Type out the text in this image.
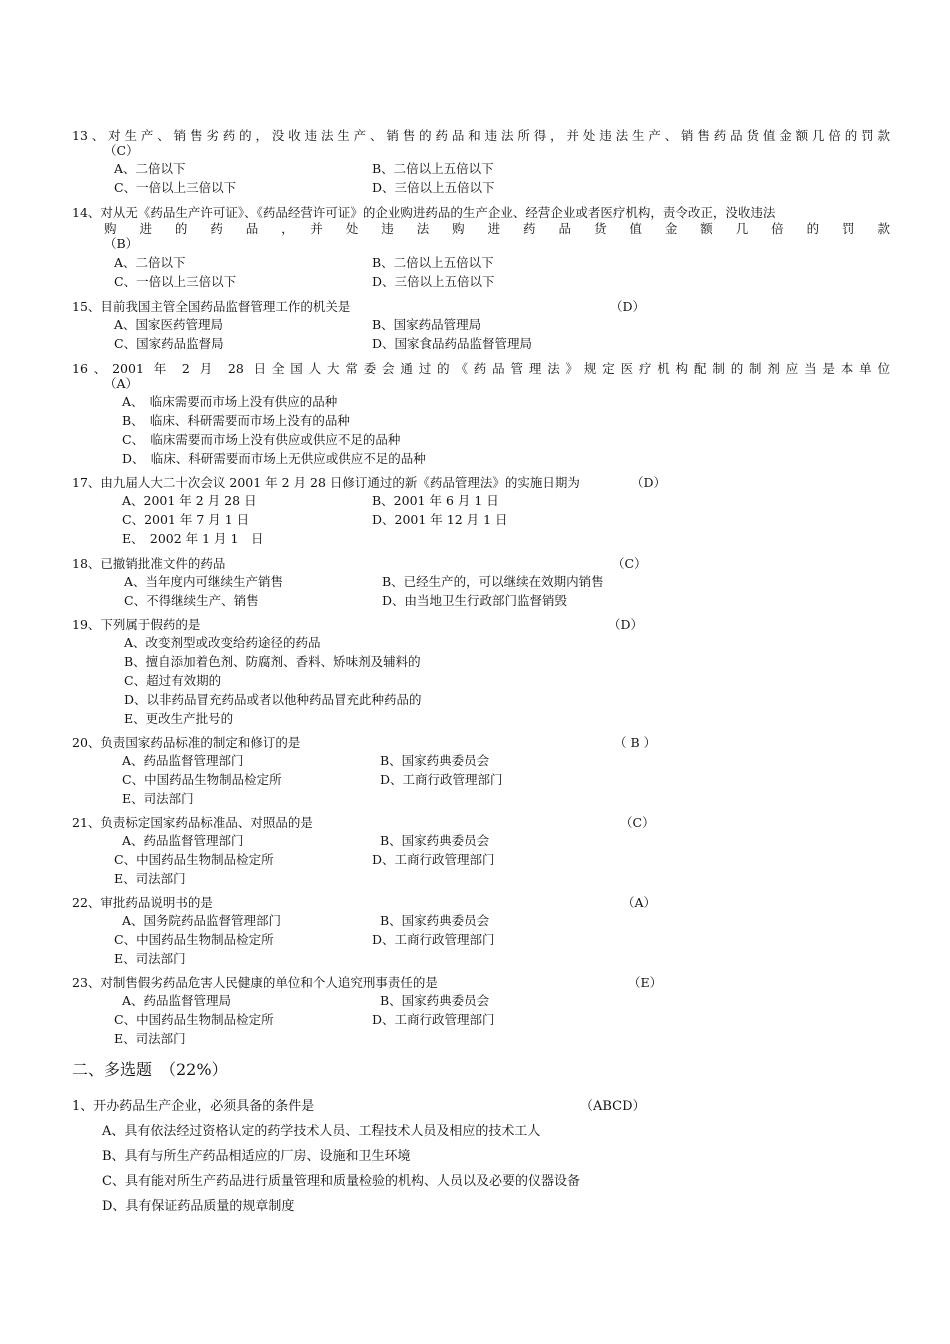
13、对生产、销售劣药的，没收违法生产、销售的药品和违法所得，并处违法生产、销售药品货值金额几倍的罚款
（C）
A、二倍以下	B、二倍以上五倍以下
C、一倍以上三倍以下	D、三倍以上五倍以下
14、对从无《药品生产许可证》、《药品经营许可证》的企业购进药品的生产企业、经营企业或者医疗机构，责令改正，没收违法
购　进　的　药　品　，　并　处　违　法　购　进　药　品　货　值　金　额　几　倍　的　罚　款
（B）
A、二倍以下	B、二倍以上五倍以下
C、一倍以上三倍以下	D、三倍以上五倍以下
15、目前我国主管全国药品监督管理工作的机关是	（D）
A、国家医药管理局	B、国家药品管理局
C、国家药品监督局	D、国家食品药品监督管理局
16、2001 年 2 月 28 日全国人大常委会通过的《药品管理法》规定医疗机构配制的制剂应当是本单位
（A）
A、　临床需要而市场上没有供应的品种
B、　临床、科研需要而市场上没有的品种
C、　临床需要而市场上没有供应或供应不足的品种
D、　临床、科研需要而市场上无供应或供应不足的品种
17、由九届人大二十次会议 2001 年 2 月 28 日修订通过的新《药品管理法》的实施日期为	（D）
A、2001 年 2 月 28 日	B、2001 年 6 月 1 日
C、2001 年 7 月 1 日	D、2001 年 12 月 1 日
E、　2002 年 1 月 1　日
18、已撤销批准文件的药品	（C）
A、当年度内可继续生产销售	B、已经生产的，可以继续在效期内销售
C、不得继续生产、销售	D、由当地卫生行政部门监督销毁
19、下列属于假药的是	（D）
A、改变剂型或改变给药途径的药品
B、擅自添加着色剂、防腐剂、香料、矫味剂及辅料的
C、超过有效期的
D、以非药品冒充药品或者以他种药品冒充此种药品的
E、更改生产批号的
20、负责国家药品标准的制定和修订的是	（ B ）
A、药品监督管理部门	B、国家药典委员会
C、中国药品生物制品检定所	D、工商行政管理部门
E、司法部门
21、负责标定国家药品标准品、对照品的是	（C）
A、药品监督管理部门	B、国家药典委员会
C、中国药品生物制品检定所	D、工商行政管理部门
E、司法部门
22、审批药品说明书的是	（A）
A、国务院药品监督管理部门	B、国家药典委员会
C、中国药品生物制品检定所	D、工商行政管理部门
E、司法部门
23、对制售假劣药品危害人民健康的单位和个人追究刑事责任的是	（E）
A、药品监督管理局	B、国家药典委员会
C、中国药品生物制品检定所	D、工商行政管理部门
E、司法部门
二、多选题　（22%）
1、开办药品生产企业，必须具备的条件是	（ABCD）
A、具有依法经过资格认定的药学技术人员、工程技术人员及相应的技术工人
B、具有与所生产药品相适应的厂房、设施和卫生环境
C、具有能对所生产药品进行质量管理和质量检验的机构、人员以及必要的仪器设备
D、具有保证药品质量的规章制度
